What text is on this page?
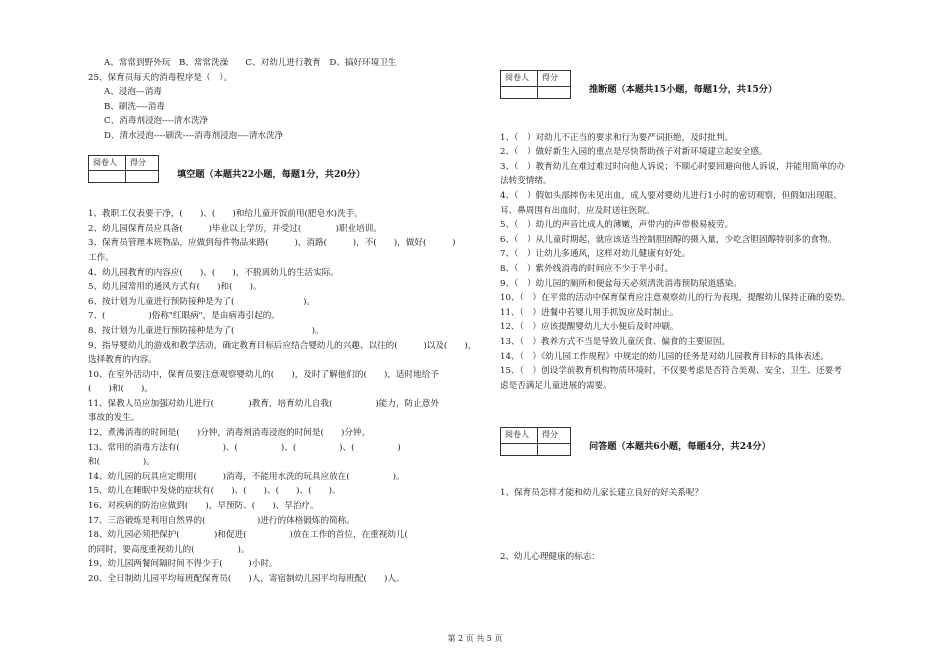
A、常常到野外玩　B、常常洗澡　　C、对幼儿进行教育　D、搞好环境卫生
25、保育员每天的消毒程序是（　）。
A、浸泡---消毒
B、刷洗----消毒
C、消毒剂浸泡----清水洗净
D、清水浸泡----刷洗----消毒剂浸泡----清水洗净
阅卷人	得分

填空题（本题共22小题，每题1分，共20分）
1、教职工仪表要干净，(　　)、(　　)和给儿童开饭前用(肥皂水)洗手。
2、幼儿园保育员应具备(　　　)毕业以上学历，并受过(　　　　)职业培训。
3、保育员管理本班物品，应做到每件物品来路(　　　)，消路(　　　)，不(　　)，做好(　　　)
工作。
4、幼儿园教育的内容应(　　)、(　　)，不脱离幼儿的生活实际。
5、幼儿园常用的通风方式有(　　)和(　　)。
6、按计划为儿童进行预防接种是为了(　　　　　　　　)。
7、(　　　　　)俗称"红眼病"，是由病毒引起的。
8、按计划为儿童进行预防接种是为了(　　　　　　　　　)。
9、指导婴幼儿的游戏和教学活动，确定教育目标后应结合婴幼儿的兴趣、以往的(　　　)以及(　　)，
选择教育的内容。
10、在室外活动中，保育员要注意观察婴幼儿的(　　)，及时了解他们的(　　)，适时地给予
(　　)和(　　)。
11、保教人员应加强对幼儿进行(　　　　)教育，培育幼儿自我(　　　　　)能力，防止意外
事故的发生。
12、煮沸消毒的时间是(　　)分钟，消毒剂消毒浸泡的时间是(　　)分钟。
13、常用的消毒方法有(　　　　　)、(　　　　　)、(　　　　　)、(　　　　　)
和(　　　　　)。
14、幼儿园的玩具应定期用(　　　)消毒，不能用水洗的玩具应放在(　　　　　)。
15、幼儿在睡眠中发烧的症状有(　　)、(　　)、(　　)、(　　)。
16、对疾病的防治应做到(　　)，早预防、(　　)、早治疗。
17、三浴锻炼是利用自然界的(　　　　　　)进行的体格锻炼的简称。
18、幼儿园必须把保护(　　　　)和促进(　　　　　)放在工作的首位，在重视幼儿(
的同时，要高度重视幼儿的(　　　　　)。
19、幼儿园两餐间隔时间不得少于(　　　)小时。
20、全日制幼儿园平均每班配保育员(　　)人，寄宿制幼儿园平均每班配(　　)人。
阅卷人	得分

推断题（本题共15小题，每题1分，共15分）
1、（　）对幼儿不正当的要求和行为要严词拒绝，及时批判。
2、（　）做好新生入园的重点是尽快帮助孩子对新环境建立起安全感。
3、（　）教育幼儿在难过难过时向他人诉说；不顺心时要回避向他人诉说，并能用简单的办
法转变情绪。
4、（　）假如头部摔伤未见出血，成人要对婴幼儿进行1小时的密切观察，但假如出现眼、
耳、鼻周围有出血时，应及时送往医院。
5、（　）幼儿的声音比成人的薄嫩，声带内的声带极易疲劳。
6、（　）从儿童时期起，就应该适当控制胆固醇的摄入量，少吃含胆固醇特别多的食物。
7、（　）让幼儿多通风，这样对幼儿健康有好处。
8、（　）紫外线消毒的时间应不少于半小时。
9、（　）幼儿园的厕所和便盆每天必须清洗消毒预防尿道感染。
10、（　）在平常的活动中保育保育应注意观察幼儿的行为表现，提醒幼儿保持正确的姿势。
11、（　）进餐中若婴儿用手抓饭应及时制止。
12、（　）应该提醒婴幼儿大小便后及时冲刷。
13、（　）教养方式不当是导致儿童厌食、偏食的主要原因。
14、（　）《幼儿园工作规程》中规定的幼儿园的任务是对幼儿园教育目标的具体表述。
15、（　）创设学前教育机构物质环境时，不仅要考虑是否符合美观、安全、卫生、还要考
虑是否满足儿童进展的需要。
阅卷人	得分

问答题（本题共6小题，每题4分，共24分）
1、保育员怎样才能和幼儿家长建立良好的好关系呢？
2、幼儿心理健康的标志：
第 2 页 共 5 页
